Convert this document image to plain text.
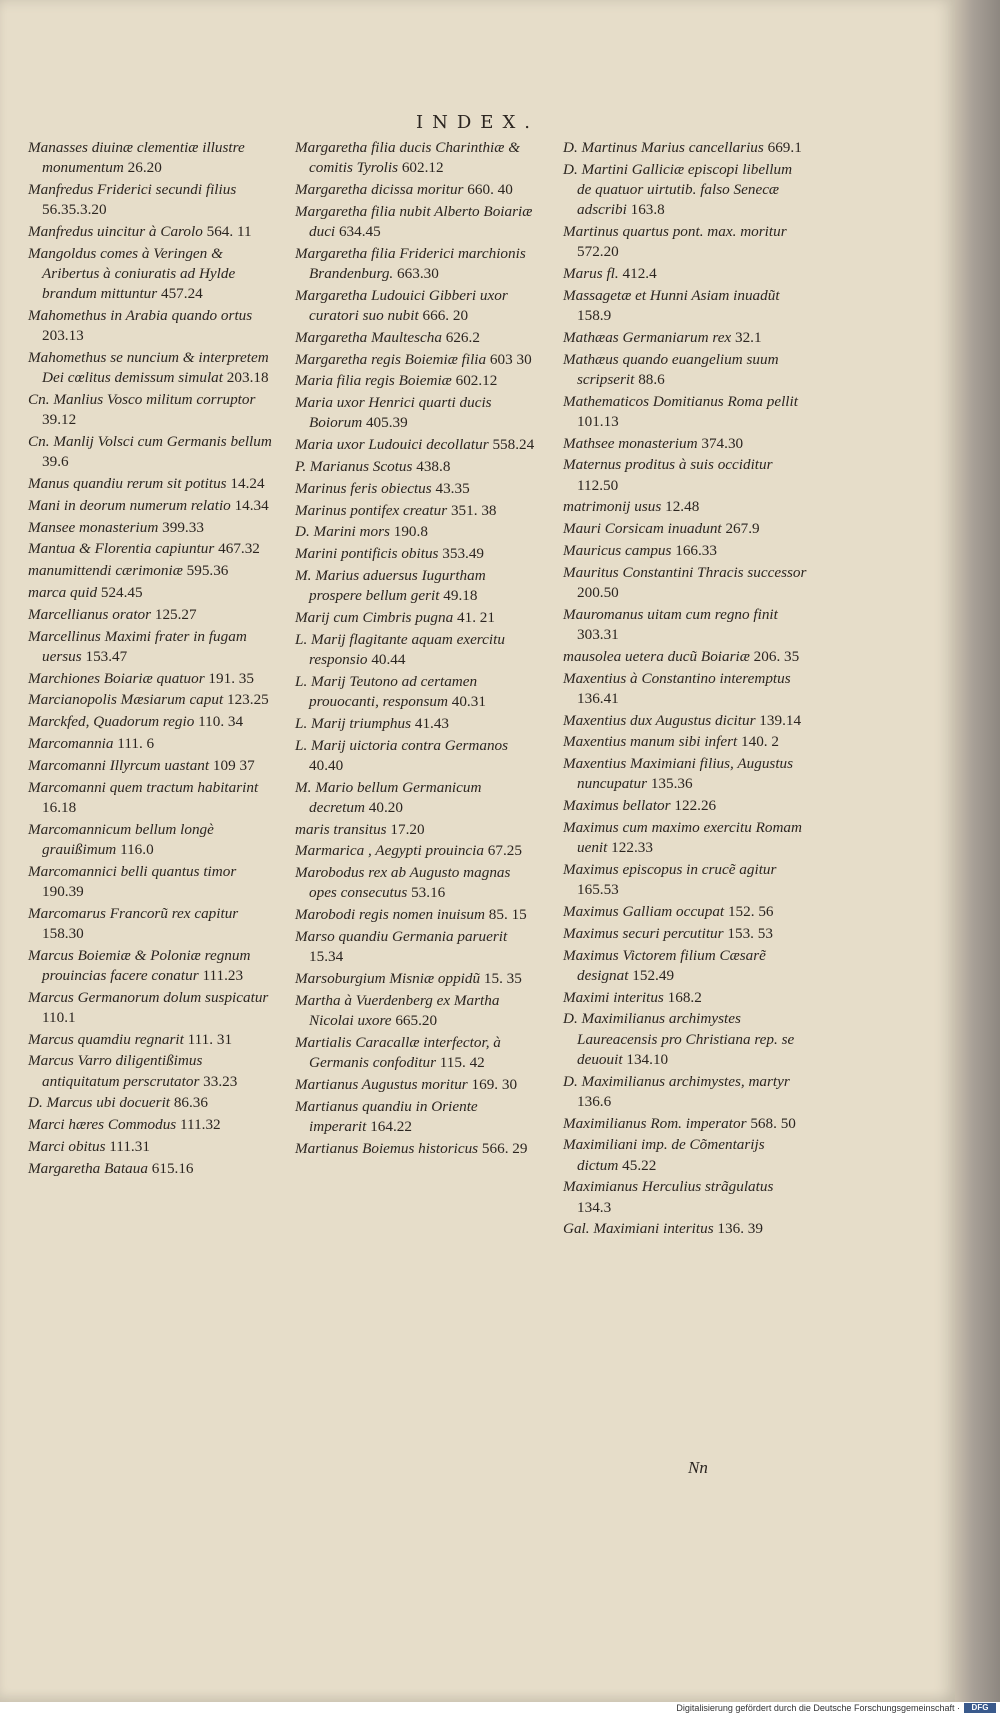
INDEX.
Manasses diuinæ clementiæ illustre monumentum 26.20
Manfredus Friderici secundi filius 56.35.3.20
Manfredus uincitur à Carolo 564. 11
Mangoldus comes à Veringen & Aribertus à coniuratis ad Hylde brandum mittuntur 457.24
Mahomethus in Arabia quando ortus 203.13
Mahomethus se nuncium & interpretem Dei cœlitus demissum simulat 203.18
Cn. Manlius Vosco militum corruptor 39.12
Cn. Manlij Volsci cum Germanis bellum 39.6
Manus quandiu rerum sit potitus 14.24
Mani in deorum numerum relatio 14.34
Mansee monasterium 399.33
Mantua & Florentia capiuntur 467.32
manumittendi cærimoniæ 595.36
marca quid 524.45
Marcellianus orator 125.27
Marcellinus Maximi frater in fugam uersus 153.47
Marchiones Boiariæ quatuor 191. 35
Marcianopolis Mæsiarum caput 123.25
Marckfed, Quadorum regio 110. 34
Marcomannia 111. 6
Marcomanni Illyrcum uastant 109 37
Marcomanni quem tractum habitarint 16.18
Marcomannicum bellum longè grauißimum 116.0
Marcomannici belli quantus timor 190.39
Marcomarus Francorũ rex capitur 158.30
Marcus Boiemiæ & Poloniæ regnum prouincias facere conatur 111.23
Marcus Germanorum dolum suspicatur 110.1
Marcus quamdiu regnarit 111. 31
Marcus Varro diligentißimus antiquitatum perscrutator 33.23
D. Marcus ubi docuerit 86.36
Marci hæres Commodus 111.32
Marci obitus 111.31
Margaretha Batauа 615.16
Margaretha filia ducis Charinthiæ & comitis Tyrolis 602.12
Margaretha dicissa moritur 660. 40
Margaretha filia nubit Alberto Boiariæ duci 634.45
Margaretha filia Friderici marchionis Brandenburg. 663.30
Margaretha Ludouici Gibberi uxor curatori suo nubit 666. 20
Margaretha Maultescha 626.2
Margaretha regis Boiemiæ filia 603 30
Maria filia regis Boiemiæ 602.12
Maria uxor Henrici quarti ducis Boiorum 405.39
Maria uxor Ludouici decollatur 558.24
P. Marianus Scotus 438.8
Marinus feris obiectus 43.35
Marinus pontifex creatur 351. 38
D. Marini mors 190.8
Marini pontificis obitus 353.49
M. Marius aduersus Iugurtham prospere bellum gerit 49.18
Marij cum Cimbris pugna 41. 21
L. Marij flagitante aquam exercitu responsio 40.44
L. Marij Teutono ad certamen prouocanti, responsum 40.31
L. Marij triumphus 41.43
L. Marij uictoria contra Germanos 40.40
M. Mario bellum Germanicum decretum 40.20
maris transitus 17.20
Marmarica , Aegypti prouincia 67.25
Marobodus rex ab Augusto magnas opes consecutus 53.16
Marobodi regis nomen inuisum 85. 15
Marso quandiu Germania paruerit 15.34
Marsoburgium Misniæ oppidũ 15. 35
Martha à Vuerdenberg ex Martha Nicolai uxore 665.20
Martialis Caracallæ interfector, à Germanis confoditur 115. 42
Martianus Augustus moritur 169. 30
Martianus quandiu in Oriente imperarit 164.22
Martianus Boiemus historicus 566. 29
D. Martinus Marius cancellarius 669.1
D. Martini Galliciæ episcopi libellum de quatuor uirtutib. falso Senecæ adscribi 163.8
Martinus quartus pont. max. moritur 572.20
Marus fl. 412.4
Massagetæ et Hunni Asiam inuadũt 158.9
Mathæas Germaniarum rex 32.1
Mathæus quando euangelium suum scripserit 88.6
Mathematicos Domitianus Roma pellit 101.13
Mathsee monasterium 374.30
Maternus proditus à suis occiditur 112.50
matrimonij usus 12.48
Mauri Corsicam inuadunt 267.9
Mauricus campus 166.33
Mauritus Constantini Thracis successor 200.50
Mauromanus uitam cum regno finit 303.31
mausolea uetera ducũ Boiariæ 206. 35
Maxentius à Constantino interemptus 136.41
Maxentius dux Augustus dicitur 139.14
Maxentius manum sibi infert 140. 2
Maxentius Maximiani filius, Augustus nuncupatur 135.36
Maximus bellator 122.26
Maximus cum maximo exercitu Romam uenit 122.33
Maximus episcopus in crucẽ agitur 165.53
Maximus Galliam occupat 152. 56
Maximus securi percutitur 153. 53
Maximus Victorem filium Cæsarẽ designat 152.49
Maximi interitus 168.2
D. Maximilianus archimystes Laureacensis pro Christiana rep. se deuouit 134.10
D. Maximilianus archimystes, martyr 136.6
Maximilianus Rom. imperator 568. 50
Maximiliani imp. de Cõmentarijs dictum 45.22
Maximianus Herculius strãgulatus 134.3
Gal. Maximiani interitus 136. 39
Nn
Digitalisierung gefördert durch die Deutsche Forschungsgemeinschaft ·	DFG
